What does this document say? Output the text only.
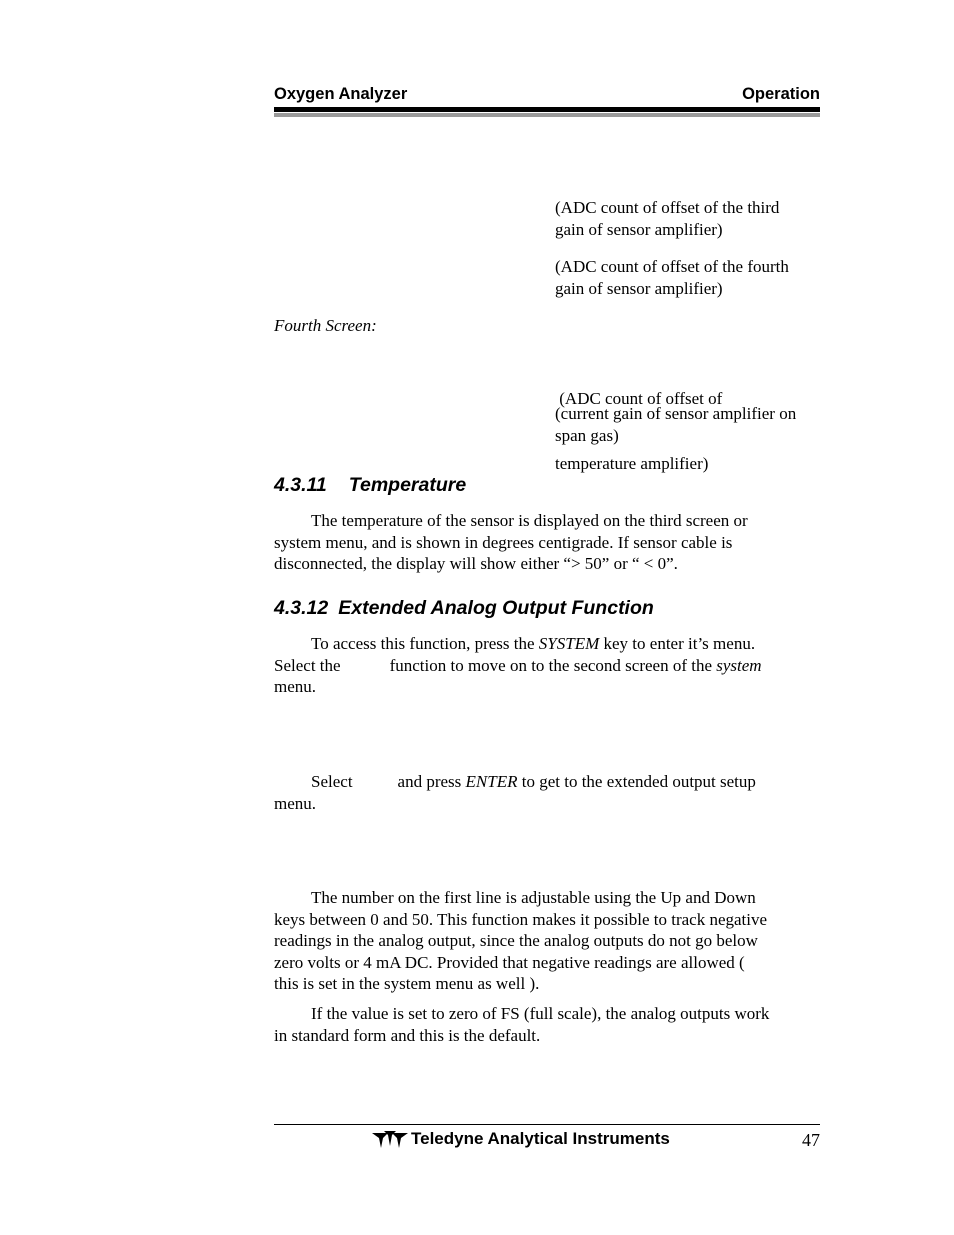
Oxygen Analyzer	Operation
(ADC count of offset of the third
gain of sensor amplifier)
(ADC count of offset of the fourth
gain of sensor amplifier)
Fourth Screen:

(ADC count of offset of

temperature amplifier)

(current gain of sensor amplifier on
span gas)
4.3.11 Temperature
The temperature of the sensor is displayed on the third screen or
system menu, and is shown in degrees centigrade. If sensor cable is
disconnected, the display will show either “> 50” or “ < 0”.
4.3.12 Extended Analog Output Function
To access this function, press the SYSTEM key to enter it’s menu.
Select the	function to move on to the second screen of the system
menu.
Select	and press ENTER to get to the extended output setup
menu.
The number on the first line is adjustable using the Up and Down
keys between 0 and 50. This function makes it possible to track negative
readings in the analog output, since the analog outputs do not go below
zero volts or 4 mA DC. Provided that negative readings are allowed (
this is set in the system menu as well ).
If the value is set to zero of FS (full scale), the analog outputs work
in standard form and this is the default.
Teledyne Analytical Instruments	47
